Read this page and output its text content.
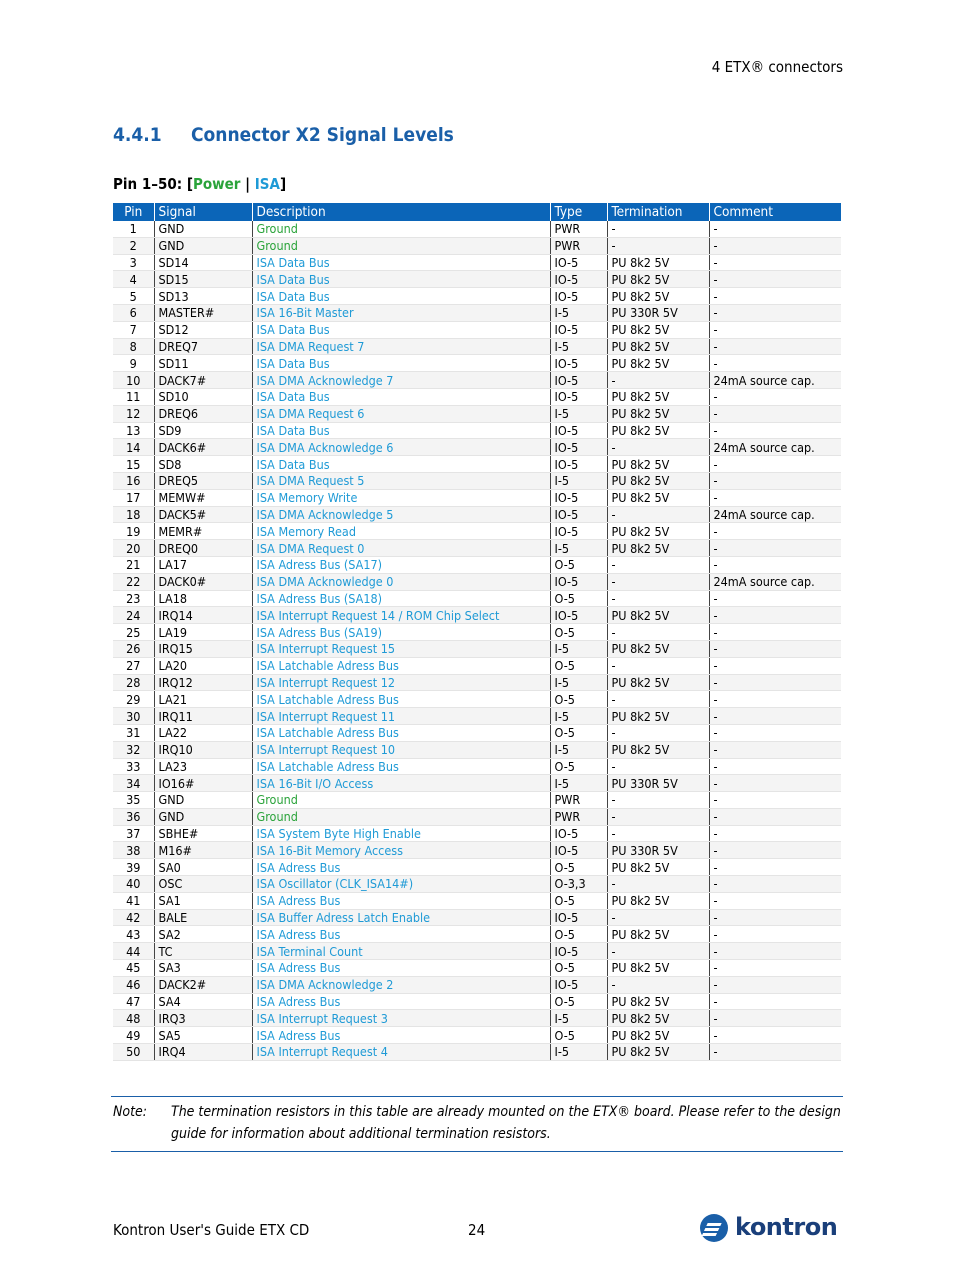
4 ETX® connectors
4.4.1 Connector X2 Signal Levels
Pin 1–50: [Power | ISA]
Pin	Signal	Description	Type	Termination	Comment
1	GND	Ground	PWR	-	-
2	GND	Ground	PWR	-	-
3	SD14	ISA Data Bus	IO-5	PU 8k2 5V	-
4	SD15	ISA Data Bus	IO-5	PU 8k2 5V	-
5	SD13	ISA Data Bus	IO-5	PU 8k2 5V	-
6	MASTER#	ISA 16-Bit Master	I-5	PU 330R 5V	-
7	SD12	ISA Data Bus	IO-5	PU 8k2 5V	-
8	DREQ7	ISA DMA Request 7	I-5	PU 8k2 5V	-
9	SD11	ISA Data Bus	IO-5	PU 8k2 5V	-
10	DACK7#	ISA DMA Acknowledge 7	IO-5	-	24mA source cap.
11	SD10	ISA Data Bus	IO-5	PU 8k2 5V	-
12	DREQ6	ISA DMA Request 6	I-5	PU 8k2 5V	-
13	SD9	ISA Data Bus	IO-5	PU 8k2 5V	-
14	DACK6#	ISA DMA Acknowledge 6	IO-5	-	24mA source cap.
15	SD8	ISA Data Bus	IO-5	PU 8k2 5V	-
16	DREQ5	ISA DMA Request 5	I-5	PU 8k2 5V	-
17	MEMW#	ISA Memory Write	IO-5	PU 8k2 5V	-
18	DACK5#	ISA DMA Acknowledge 5	IO-5	-	24mA source cap.
19	MEMR#	ISA Memory Read	IO-5	PU 8k2 5V	-
20	DREQ0	ISA DMA Request 0	I-5	PU 8k2 5V	-
21	LA17	ISA Adress Bus (SA17)	O-5	-	-
22	DACK0#	ISA DMA Acknowledge 0	IO-5	-	24mA source cap.
23	LA18	ISA Adress Bus (SA18)	O-5	-	-
24	IRQ14	ISA Interrupt Request 14 / ROM Chip Select	IO-5	PU 8k2 5V	-
25	LA19	ISA Adress Bus (SA19)	O-5	-	-
26	IRQ15	ISA Interrupt Request 15	I-5	PU 8k2 5V	-
27	LA20	ISA Latchable Adress Bus	O-5	-	-
28	IRQ12	ISA Interrupt Request 12	I-5	PU 8k2 5V	-
29	LA21	ISA Latchable Adress Bus	O-5	-	-
30	IRQ11	ISA Interrupt Request 11	I-5	PU 8k2 5V	-
31	LA22	ISA Latchable Adress Bus	O-5	-	-
32	IRQ10	ISA Interrupt Request 10	I-5	PU 8k2 5V	-
33	LA23	ISA Latchable Adress Bus	O-5	-	-
34	IO16#	ISA 16-Bit I/O Access	I-5	PU 330R 5V	-
35	GND	Ground	PWR	-	-
36	GND	Ground	PWR	-	-
37	SBHE#	ISA System Byte High Enable	IO-5	-	-
38	M16#	ISA 16-Bit Memory Access	IO-5	PU 330R 5V	-
39	SA0	ISA Adress Bus	O-5	PU 8k2 5V	-
40	OSC	ISA Oscillator (CLK_ISA14#)	O-3,3	-	-
41	SA1	ISA Adress Bus	O-5	PU 8k2 5V	-
42	BALE	ISA Buffer Adress Latch Enable	IO-5	-	-
43	SA2	ISA Adress Bus	O-5	PU 8k2 5V	-
44	TC	ISA Terminal Count	IO-5	-	-
45	SA3	ISA Adress Bus	O-5	PU 8k2 5V	-
46	DACK2#	ISA DMA Acknowledge 2	IO-5	-	-
47	SA4	ISA Adress Bus	O-5	PU 8k2 5V	-
48	IRQ3	ISA Interrupt Request 3	I-5	PU 8k2 5V	-
49	SA5	ISA Adress Bus	O-5	PU 8k2 5V	-
50	IRQ4	ISA Interrupt Request 4	I-5	PU 8k2 5V	-
Note: The termination resistors in this table are already mounted on the ETX® board. Please refer to the design guide for information about additional termination resistors.
Kontron User's Guide ETX CD	24	kontron
